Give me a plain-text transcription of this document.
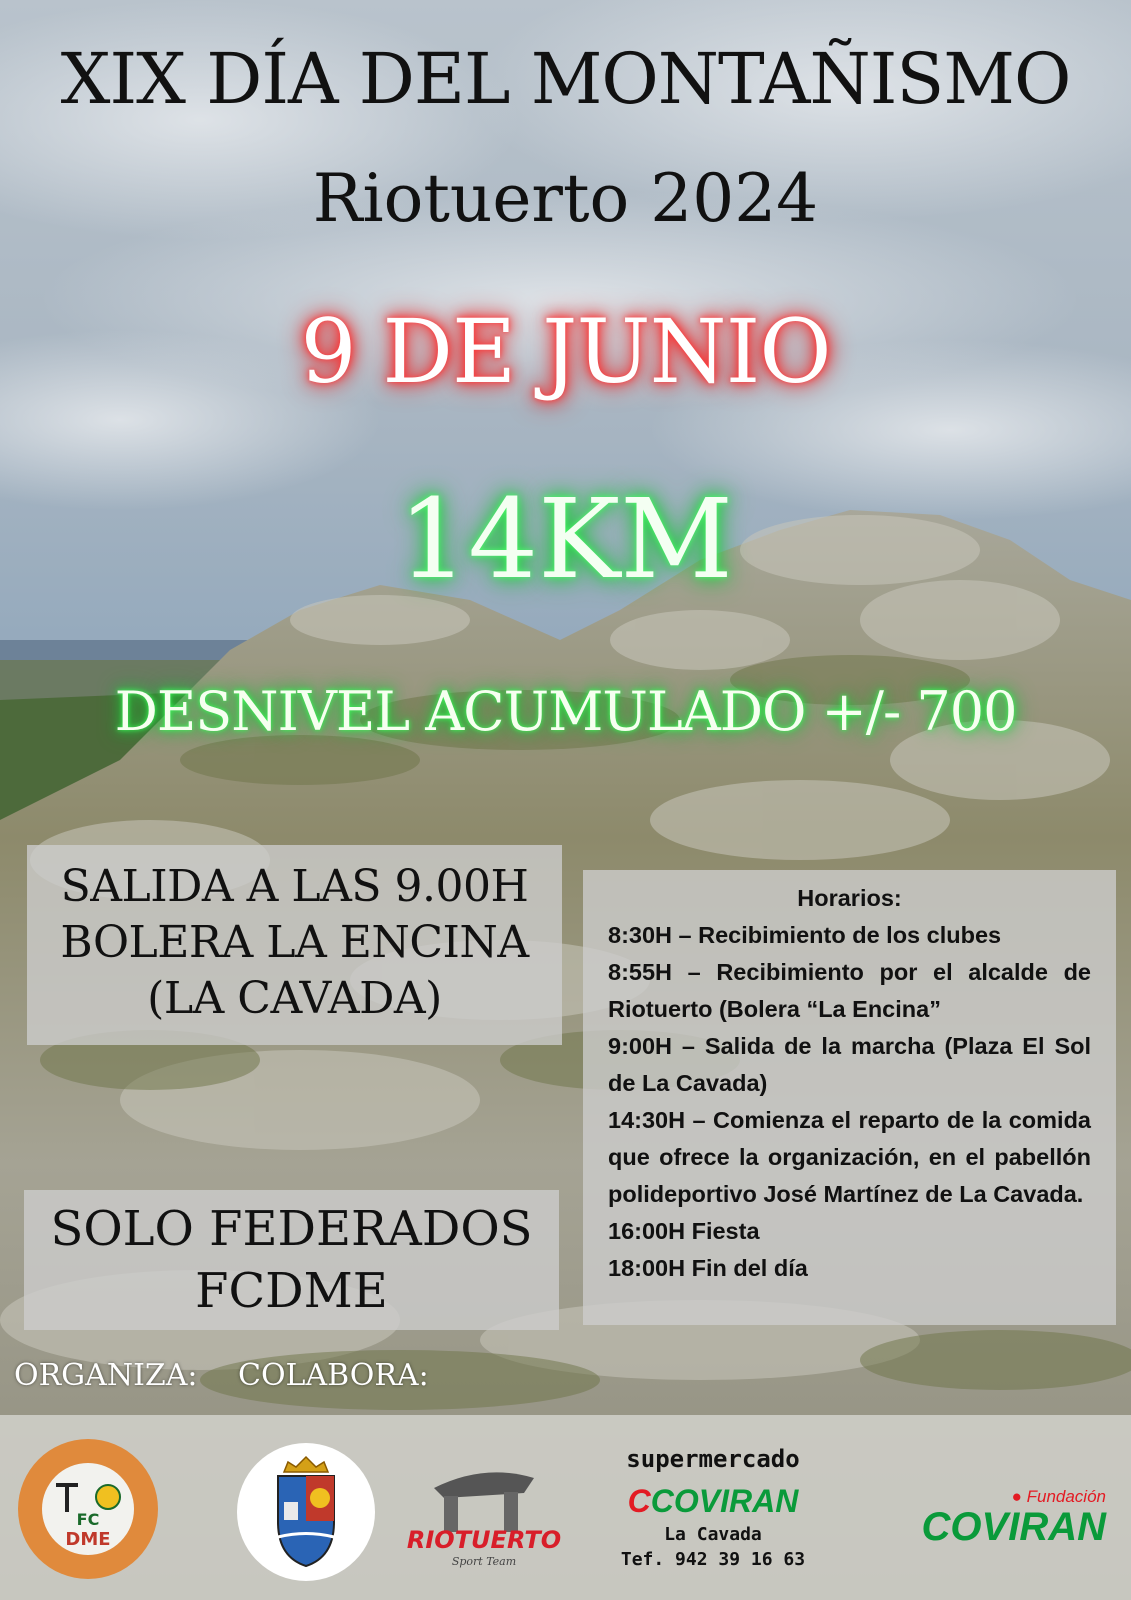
XIX DÍA DEL MONTAÑISMO
Riotuerto 2024
9 DE JUNIO
14KM
DESNIVEL ACUMULADO +/- 700
SALIDA A LAS 9.00H
BOLERA LA ENCINA
(LA CAVADA)
SOLO FEDERADOS
FCDME
Horarios:
8:30H – Recibimiento de los clubes
8:55H – Recibimiento por el alcalde de Riotuerto (Bolera “La Encina”
9:00H – Salida de la marcha (Plaza El Sol de La Cavada)
14:30H – Comienza el reparto de la comida que ofrece la organización, en el pabellón polideportivo José Martínez de La Cavada.
16:00H Fiesta
18:00H Fin del día
ORGANIZA: COLABORA:
FC
DME	RIOTUERTO
Sport Team
supermercado
CCOVIRAN
La Cavada
Tef. 942 39 16 63
● Fundación
COVIRAN
